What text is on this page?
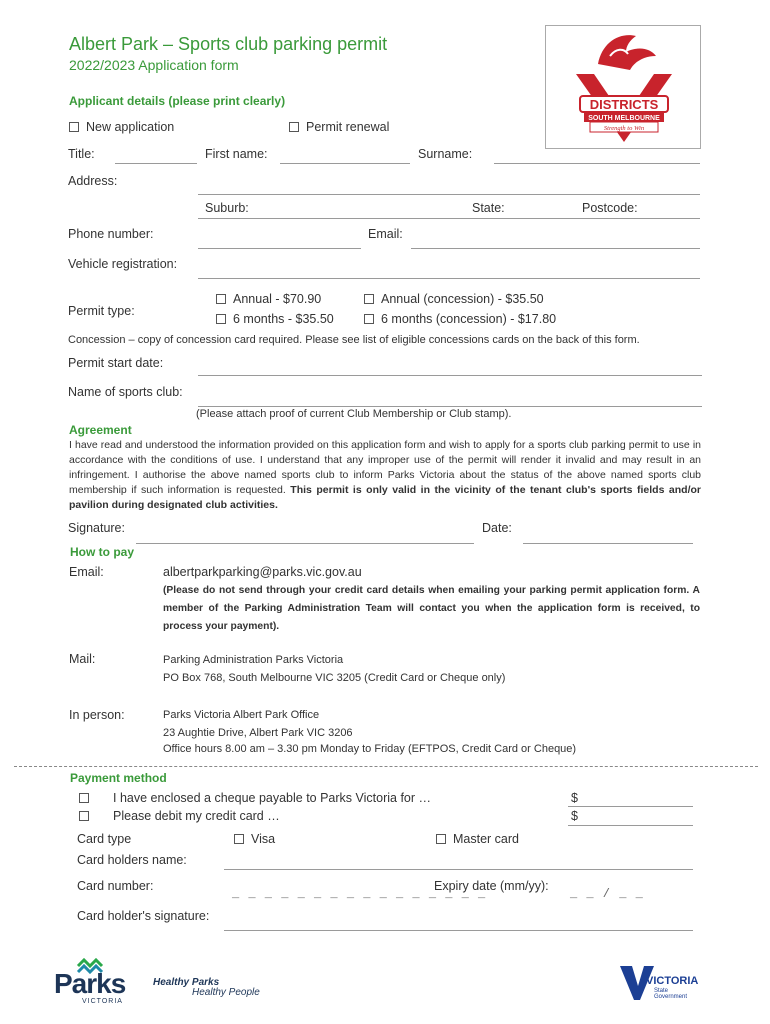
Albert Park – Sports club parking permit
2022/2023 Application form
DISTRICTS
SOUTH MELBOURNE
Strength to Win
Applicant details (please print clearly)
New application	Permit renewal
Title:	First name:	Surname:
Address:
Suburb:	State:	Postcode:
Phone number:	Email:
Vehicle registration:
Permit type:
Annual - $70.90	Annual (concession) - $35.50
6 months - $35.50	6 months (concession) - $17.80
Concession – copy of concession card required. Please see list of eligible concessions cards on the back of this form.
Permit start date:
Name of sports club:
(Please attach proof of current Club Membership or Club stamp).
Agreement
I have read and understood the information provided on this application form and wish to apply for a sports club parking permit to use in accordance with the conditions of use. I understand that any improper use of the permit will render it invalid and may result in an infringement. I authorise the above named sports club to inform Parks Victoria about the status of the above named sports club membership if such information is requested. This permit is only valid in the vicinity of the tenant club's sports fields and/or pavilion during designated club activities.
Signature:	Date:
How to pay
Email:	albertparkparking@parks.vic.gov.au
(Please do not send through your credit card details when emailing your parking permit application form. A member of the Parking Administration Team will contact you when the application form is received, to process your payment).
Mail:	Parking Administration Parks Victoria
PO Box 768, South Melbourne VIC 3205 (Credit Card or Cheque only)
In person:	Parks Victoria Albert Park Office
23 Aughtie Drive, Albert Park VIC 3206
Office hours 8.00 am – 3.30 pm Monday to Friday (EFTPOS, Credit Card or Cheque)
Payment method
I have enclosed a cheque payable to Parks Victoria for …	$
Please debit my credit card …	$
Card type	Visa	Master card
Card holders name:
Card number:
_ _ _ _ _ _ _ _ _ _ _ _ _ _ _ _
Expiry date (mm/yy):
_ _ / _ _
Card holder's signature:
Parks
VICTORIA
Healthy Parks
Healthy People
VICTORIA
State
Government
